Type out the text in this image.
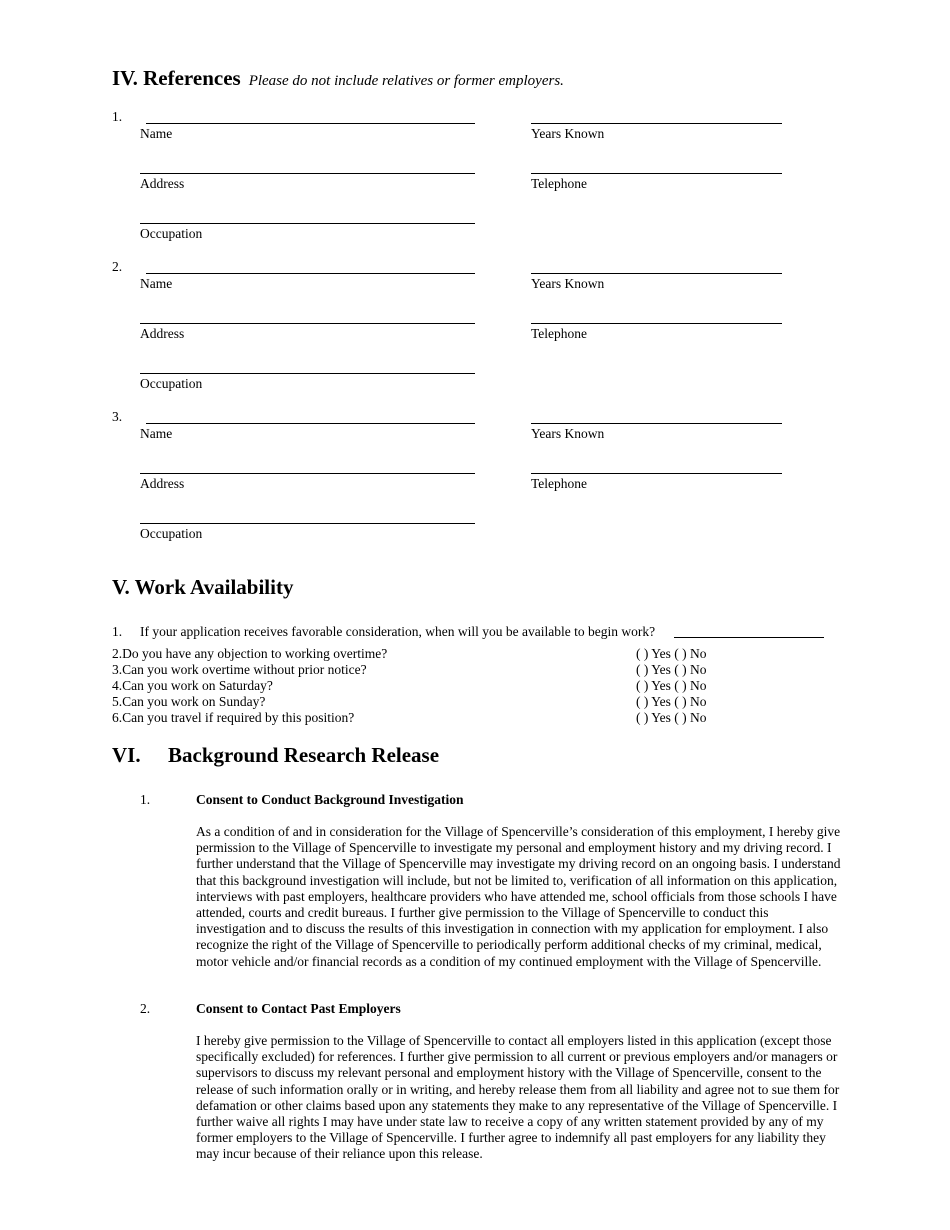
IV. References Please do not include relatives or former employers.
1.
Name	Years Known
Address	Telephone
Occupation
2.
Name	Years Known
Address	Telephone
Occupation
3.
Name	Years Known
Address	Telephone
Occupation
V. Work Availability
1. If your application receives favorable consideration, when will you be available to begin work?
2.Do you have any objection to working overtime?	( ) Yes ( ) No
3.Can you work overtime without prior notice?	( ) Yes ( ) No
4.Can you work on Saturday?	( ) Yes ( ) No
5.Can you work on Sunday?	( ) Yes ( ) No
6.Can you travel if required by this position?	( ) Yes ( ) No
VI. Background Research Release
1.	Consent to Conduct Background Investigation
As a condition of and in consideration for the Village of Spencerville’s consideration of this employment, I hereby give permission to the Village of Spencerville to investigate my personal and employment history and my driving record. I further understand that the Village of Spencerville may investigate my driving record on an ongoing basis. I understand that this background investigation will include, but not be limited to, verification of all information on this application, interviews with past employers, healthcare providers who have attended me, school officials from those schools I have attended, courts and credit bureaus. I further give permission to the Village of Spencerville to conduct this investigation and to discuss the results of this investigation in connection with my application for employment. I also recognize the right of the Village of Spencerville to periodically perform additional checks of my criminal, medical, motor vehicle and/or financial records as a condition of my continued employment with the Village of Spencerville.
2.	Consent to Contact Past Employers
I hereby give permission to the Village of Spencerville to contact all employers listed in this application (except those specifically excluded) for references. I further give permission to all current or previous employers and/or managers or supervisors to discuss my relevant personal and employment history with the Village of Spencerville, consent to the release of such information orally or in writing, and hereby release them from all liability and agree not to sue them for defamation or other claims based upon any statements they make to any representative of the Village of Spencerville. I further waive all rights I may have under state law to receive a copy of any written statement provided by any of my former employers to the Village of Spencerville. I further agree to indemnify all past employers for any liability they may incur because of their reliance upon this release.
